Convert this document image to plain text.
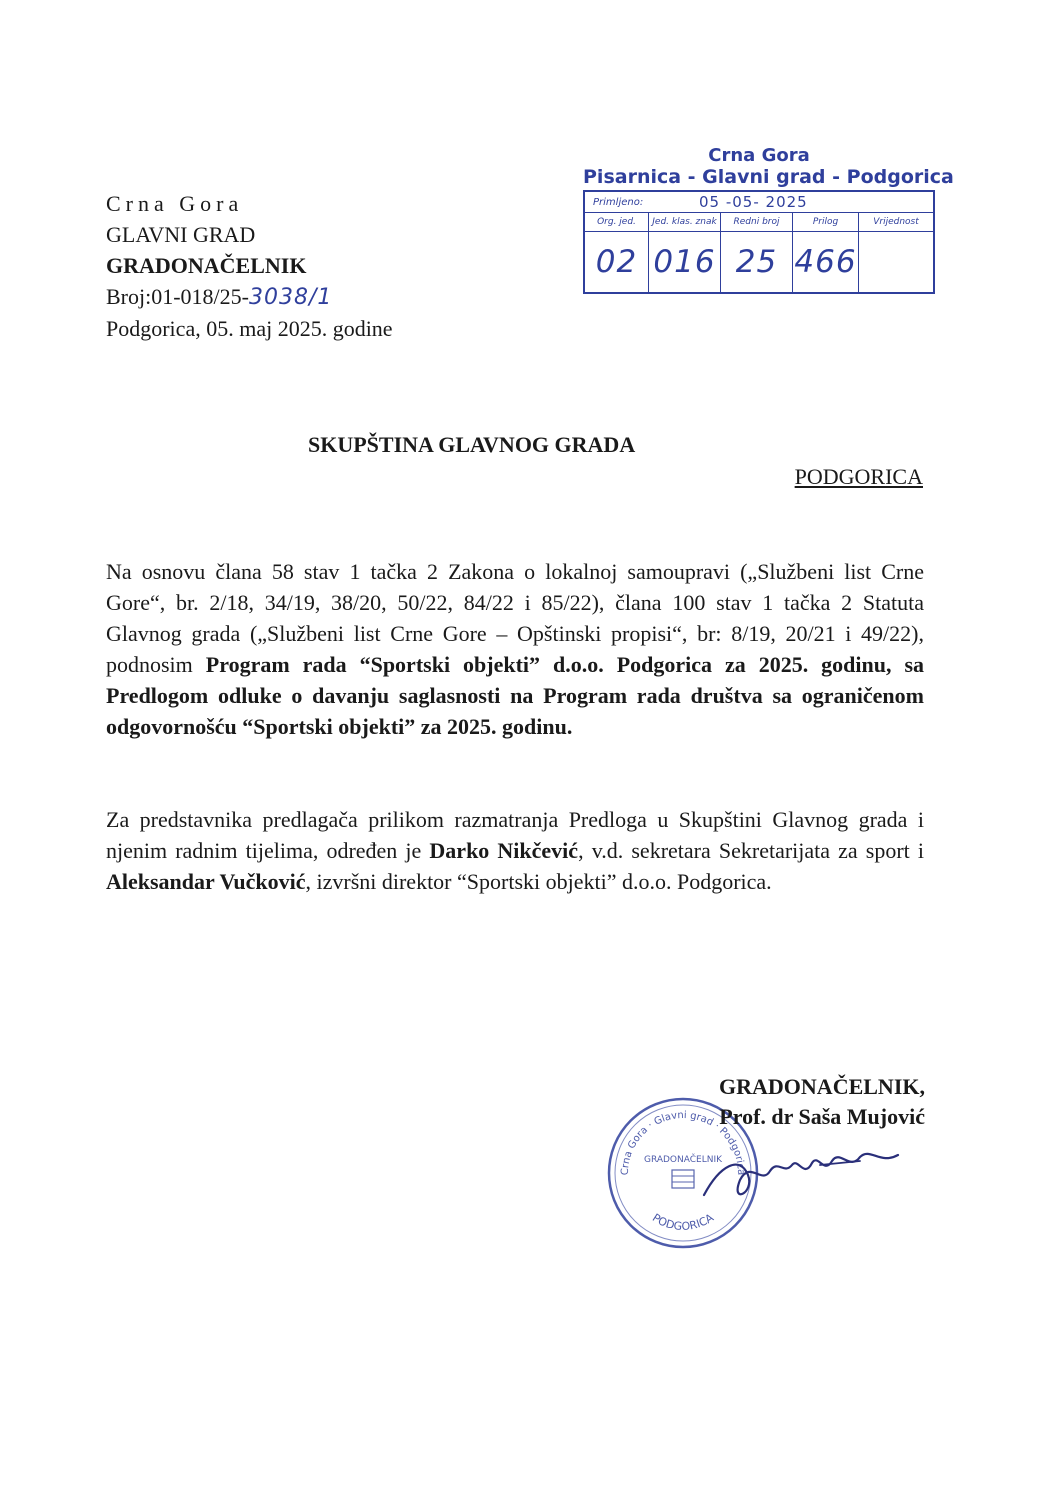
Crna Gora
GLAVNI GRAD
GRADONAČELNIK
Broj:01-018/25-3038/1
Podgorica, 05. maj 2025. godine
Crna Gora
Pisarnica - Glavni grad - Podgorica
Primljeno:	05 -05- 2025
Org. jed.	Jed. klas. znak	Redni broj	Prilog	Vrijednost
02 016 25 466
SKUPŠTINA GLAVNOG GRADA
PODGORICA
Na osnovu člana 58 stav 1 tačka 2 Zakona o lokalnoj samoupravi („Službeni list Crne Gore“, br. 2/18, 34/19, 38/20, 50/22, 84/22 i 85/22), člana 100 stav 1 tačka 2 Statuta Glavnog grada („Službeni list Crne Gore – Opštinski propisi“, br: 8/19, 20/21 i 49/22), podnosim Program rada “Sportski objekti” d.o.o. Podgorica za 2025. godinu, sa Predlogom odluke o davanju saglasnosti na Program rada društva sa ograničenom odgovornošću “Sportski objekti” za 2025. godinu.
Za predstavnika predlagača prilikom razmatranja Predloga u Skupštini Glavnog grada i njenim radnim tijelima, određen je Darko Nikčević, v.d. sekretara Sekretarijata za sport i Aleksandar Vučković, izvršni direktor “Sportski objekti” d.o.o. Podgorica.
Crna Gora · Glavni grad · Podgorica
GRADONAČELNIK
PODGORICA
GRADONAČELNIK,
Prof. dr Saša Mujović
